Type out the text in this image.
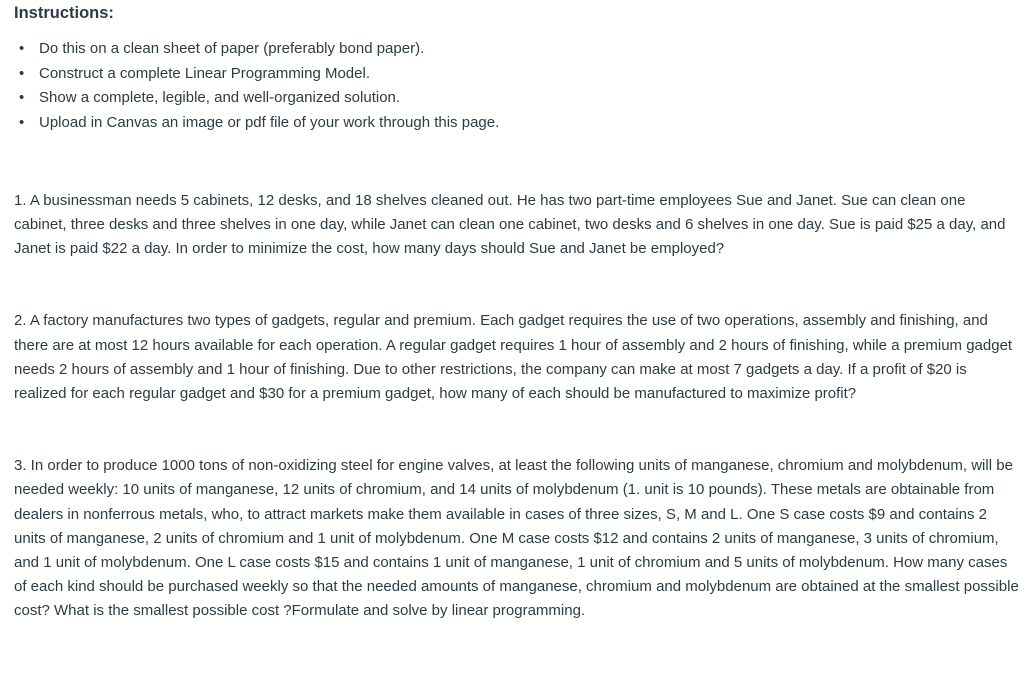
Instructions:
• Do this on a clean sheet of paper (preferably bond paper).
• Construct a complete Linear Programming Model.
• Show a complete, legible, and well-organized solution.
• Upload in Canvas an image or pdf file of your work through this page.

1. A businessman needs 5 cabinets, 12 desks, and 18 shelves cleaned out. He has two part-time employees Sue and Janet. Sue can clean one cabinet, three desks and three shelves in one day, while Janet can clean one cabinet, two desks and 6 shelves in one day. Sue is paid $25 a day, and Janet is paid $22 a day. In order to minimize the cost, how many days should Sue and Janet be employed?

2. A factory manufactures two types of gadgets, regular and premium. Each gadget requires the use of two operations, assembly and finishing, and there are at most 12 hours available for each operation. A regular gadget requires 1 hour of assembly and 2 hours of finishing, while a premium gadget needs 2 hours of assembly and 1 hour of finishing. Due to other restrictions, the company can make at most 7 gadgets a day. If a profit of $20 is realized for each regular gadget and $30 for a premium gadget, how many of each should be manufactured to maximize profit?

3. In order to produce 1000 tons of non-oxidizing steel for engine valves, at least the following units of manganese, chromium and molybdenum, will be needed weekly: 10 units of manganese, 12 units of chromium, and 14 units of molybdenum (1. unit is 10 pounds). These metals are obtainable from dealers in nonferrous metals, who, to attract markets make them available in cases of three sizes, S, M and L. One S case costs $9 and contains 2 units of manganese, 2 units of chromium and 1 unit of molybdenum. One M case costs $12 and contains 2 units of manganese, 3 units of chromium, and 1 unit of molybdenum. One L case costs $15 and contains 1 unit of manganese, 1 unit of chromium and 5 units of molybdenum. How many cases of each kind should be purchased weekly so that the needed amounts of manganese, chromium and molybdenum are obtained at the smallest possible cost? What is the smallest possible cost ?Formulate and solve by linear programming.
